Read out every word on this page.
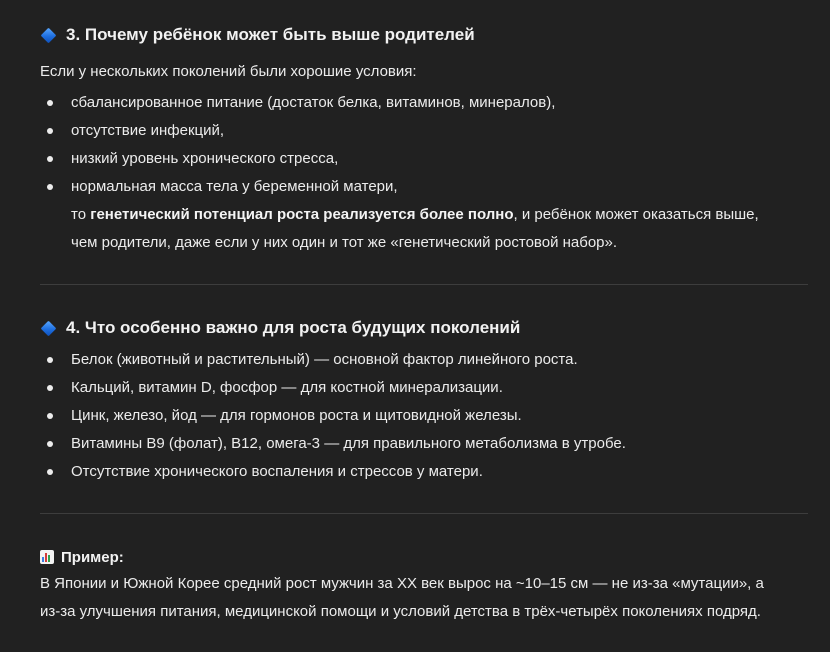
3. Почему ребёнок может быть выше родителей
Если у нескольких поколений были хорошие условия:
сбалансированное питание (достаток белка, витаминов, минералов),
отсутствие инфекций,
низкий уровень хронического стресса,
нормальная масса тела у беременной матери,
то генетический потенциал роста реализуется более полно, и ребёнок может оказаться выше,
чем родители, даже если у них один и тот же «генетический ростовой набор».
4. Что особенно важно для роста будущих поколений
Белок (животный и растительный) — основной фактор линейного роста.
Кальций, витамин D, фосфор — для костной минерализации.
Цинк, железо, йод — для гормонов роста и щитовидной железы.
Витамины B9 (фолат), B12, омега-3 — для правильного метаболизма в утробе.
Отсутствие хронического воспаления и стрессов у матери.
Пример:
В Японии и Южной Корее средний рост мужчин за XX век вырос на ~10–15 см — не из-за «мутации», а
из-за улучшения питания, медицинской помощи и условий детства в трёх-четырёх поколениях подряд.
